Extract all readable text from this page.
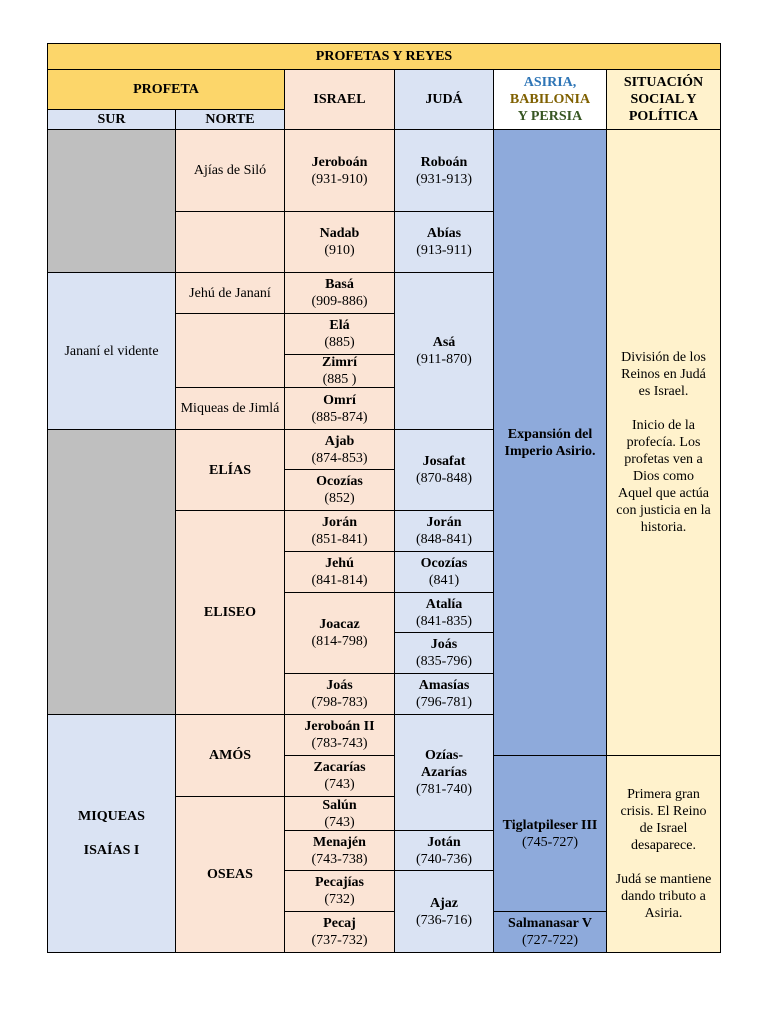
PROFETAS Y REYES
PROFETA
SUR	NORTE
ISRAEL	JUDÁ
ASIRIA,
BABILONIA
Y PERSIA
SITUACIÓN SOCIAL Y POLÍTICA
Jananí el vidente
MIQUEAS
ISAÍAS I
Ajías de Siló
Jehú de Jananí
Miqueas de Jimlá
ELÍAS
ELISEO
AMÓS
OSEAS
Jeroboán
(931-910)
Nadab
(910)
Basá
(909-886)
Elá
(885)
Zimrí
(885 )
Omrí
(885-874)
Ajab
(874-853)
Ocozías
(852)
Jorán
(851-841)
Jehú
(841-814)
Joacaz
(814-798)
Joás
(798-783)
Jeroboán II
(783-743)
Zacarías
(743)
Salún
(743)
Menajén
(743-738)
Pecajías
(732)
Pecaj
(737-732)
Roboán
(931-913)
Abías
(913-911)
Asá
(911-870)
Josafat
(870-848)
Jorán
(848-841)
Ocozías
(841)
Atalía
(841-835)
Joás
(835-796)
Amasías
(796-781)
Ozías-
Azarías
(781-740)
Jotán
(740-736)
Ajaz
(736-716)
Expansión del Imperio Asirio.
Tiglatpileser III
(745-727)
Salmanasar V
(727-722)
División de los Reinos en Judá es Israel.
Inicio de la profecía. Los profetas ven a Dios como Aquel que actúa con justicia en la historia.
Primera gran crisis. El Reino de Israel desaparece.
Judá se mantiene dando tributo a Asiria.
